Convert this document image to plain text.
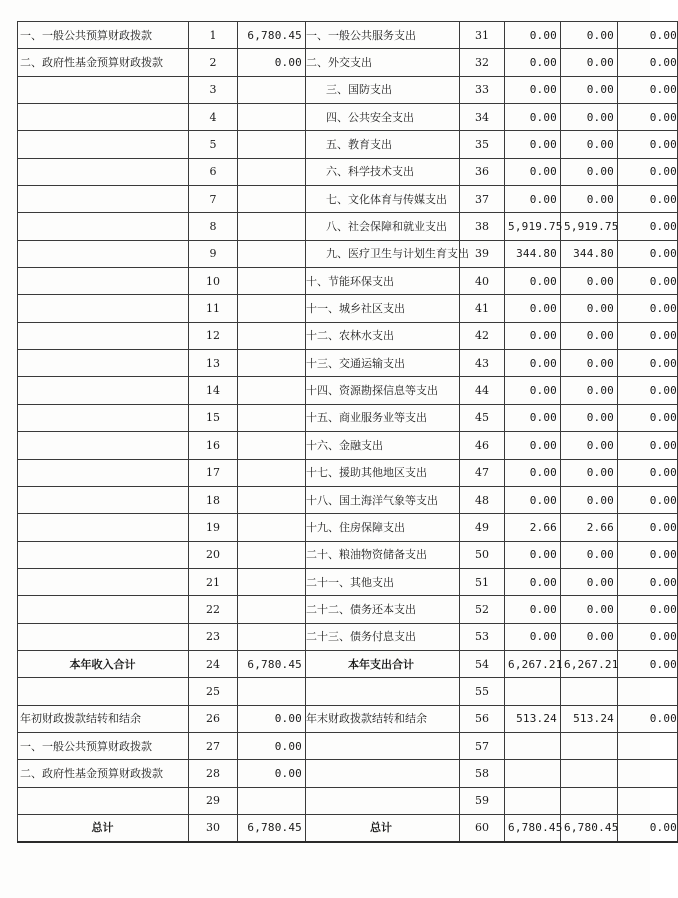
一、一般公共预算财政拨款	1	6,780.45	一、一般公共服务支出	31	0.00	0.00	0.00
二、政府性基金预算财政拨款	2	0.00	二、外交支出	32	0.00	0.00	0.00
	3		三、国防支出	33	0.00	0.00	0.00
	4		四、公共安全支出	34	0.00	0.00	0.00
	5		五、教育支出	35	0.00	0.00	0.00
	6		六、科学技术支出	36	0.00	0.00	0.00
	7		七、文化体育与传媒支出	37	0.00	0.00	0.00
	8		八、社会保障和就业支出	38	5,919.75	5,919.75	0.00
	9		九、医疗卫生与计划生育支出	39	344.80	344.80	0.00
	10		十、节能环保支出	40	0.00	0.00	0.00
	11		十一、城乡社区支出	41	0.00	0.00	0.00
	12		十二、农林水支出	42	0.00	0.00	0.00
	13		十三、交通运输支出	43	0.00	0.00	0.00
	14		十四、资源勘探信息等支出	44	0.00	0.00	0.00
	15		十五、商业服务业等支出	45	0.00	0.00	0.00
	16		十六、金融支出	46	0.00	0.00	0.00
	17		十七、援助其他地区支出	47	0.00	0.00	0.00
	18		十八、国土海洋气象等支出	48	0.00	0.00	0.00
	19		十九、住房保障支出	49	2.66	2.66	0.00
	20		二十、粮油物资储备支出	50	0.00	0.00	0.00
	21		二十一、其他支出	51	0.00	0.00	0.00
	22		二十二、债务还本支出	52	0.00	0.00	0.00
	23		二十三、债务付息支出	53	0.00	0.00	0.00
本年收入合计	24	6,780.45	本年支出合计	54	6,267.21	6,267.21	0.00
	25			55			
年初财政拨款结转和结余	26	0.00	年末财政拨款结转和结余	56	513.24	513.24	0.00
一、一般公共预算财政拨款	27	0.00		57			
二、政府性基金预算财政拨款	28	0.00		58			
	29			59			
总计	30	6,780.45	总计	60	6,780.45	6,780.45	0.00
